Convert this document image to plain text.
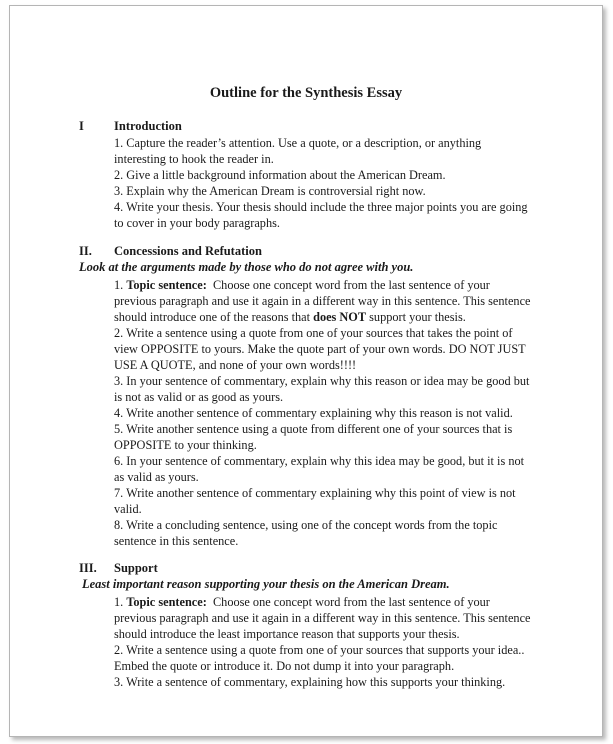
Outline for the Synthesis Essay
I Introduction

1. Capture the reader’s attention. Use a quote, or a description, or anything interesting to hook the reader in.

2. Give a little background information about the American Dream.

3. Explain why the American Dream is controversial right now.

4. Write your thesis. Your thesis should include the three major points you are going to cover in your body paragraphs.

II. Concessions and Refutation
Look at the arguments made by those who do not agree with you.

1. Topic sentence: Choose one concept word from the last sentence of your previous paragraph and use it again in a different way in this sentence. This sentence should introduce one of the reasons that does NOT support your thesis.

2. Write a sentence using a quote from one of your sources that takes the point of view OPPOSITE to yours. Make the quote part of your own words. DO NOT JUST USE A QUOTE, and none of your own words!!!!

3. In your sentence of commentary, explain why this reason or idea may be good but is not as valid or as good as yours.

4. Write another sentence of commentary explaining why this reason is not valid.

5. Write another sentence using a quote from different one of your sources that is OPPOSITE to your thinking.

6. In your sentence of commentary, explain why this idea may be good, but it is not as valid as yours.

7. Write another sentence of commentary explaining why this point of view is not valid.

8. Write a concluding sentence, using one of the concept words from the topic sentence in this sentence.

III. Support
Least important reason supporting your thesis on the American Dream.

1. Topic sentence: Choose one concept word from the last sentence of your previous paragraph and use it again in a different way in this sentence. This sentence should introduce the least importance reason that supports your thesis.

2. Write a sentence using a quote from one of your sources that supports your idea.. Embed the quote or introduce it. Do not dump it into your paragraph.

3. Write a sentence of commentary, explaining how this supports your thinking.
